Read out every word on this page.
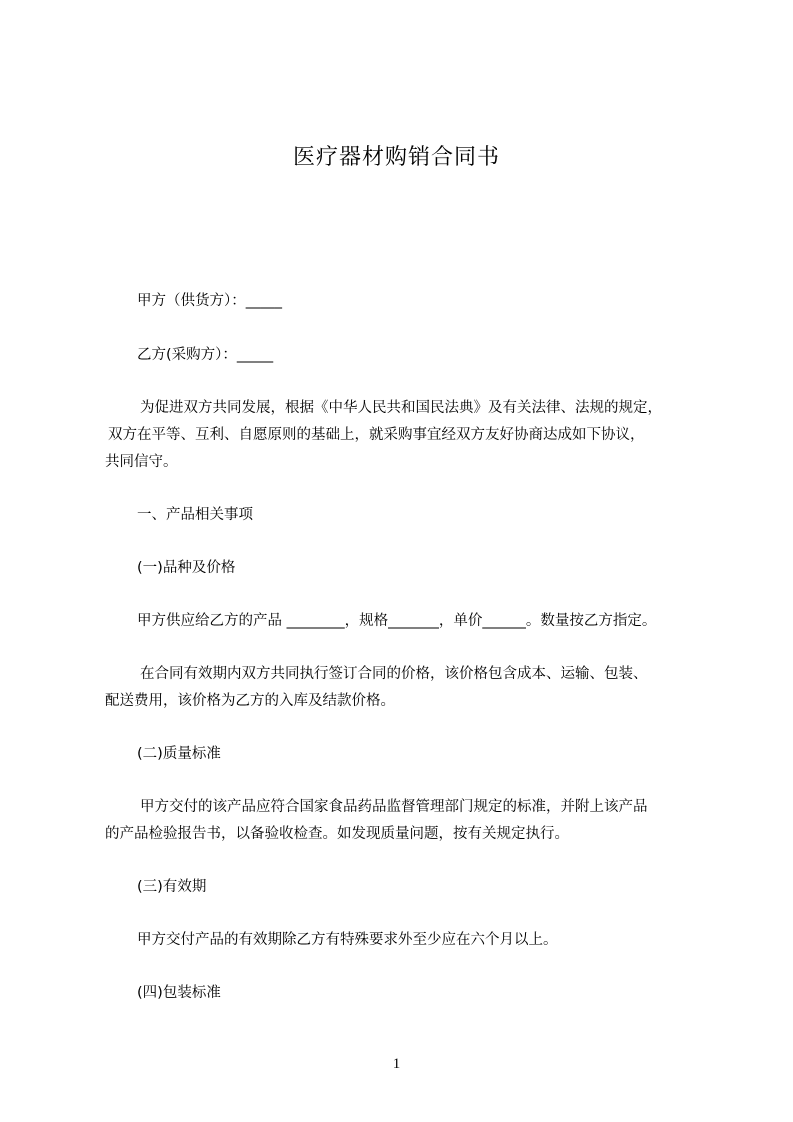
医疗器材购销合同书
甲方（供货方）：_____
乙方(采购方）：_____
为促进双方共同发展，根据《中华人民共和国民法典》及有关法律、法规的规定，
双方在平等、互利、自愿原则的基础上，就采购事宜经双方友好协商达成如下协议，
共同信守。
一、产品相关事项
(一)品种及价格
甲方供应给乙方的产品 ________，规格_______，单价______。数量按乙方指定。
在合同有效期内双方共同执行签订合同的价格，该价格包含成本、运输、包装、
配送费用，该价格为乙方的入库及结款价格。
(二)质量标准
甲方交付的该产品应符合国家食品药品监督管理部门规定的标准，并附上该产品
的产品检验报告书，以备验收检查。如发现质量问题，按有关规定执行。
(三)有效期
甲方交付产品的有效期除乙方有特殊要求外至少应在六个月以上。
(四)包装标准
1
